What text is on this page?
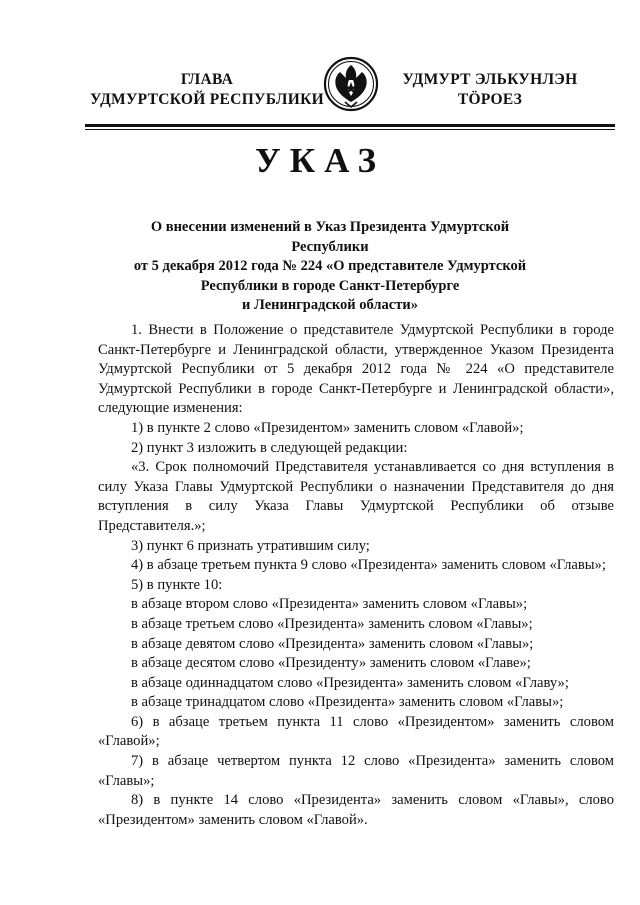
ГЛАВА
УДМУРТСКОЙ РЕСПУБЛИКИ
УДМУРТ ЭЛЬКУНЛЭН
ТӦРОЕЗ
УКАЗ
О внесении изменений в Указ Президента Удмуртской Республики
от 5 декабря 2012 года № 224 «О представителе Удмуртской
Республики в городе Санкт-Петербурге
и Ленинградской области»

1. Внести в Положение о представителе Удмуртской Республики в городе Санкт-Петербурге и Ленинградской области, утвержденное Указом Президента Удмуртской Республики от 5 декабря 2012 года № 224 «О представителе Удмуртской Республики в городе Санкт-Петербурге и Ленинградской области», следующие изменения:

1) в пункте 2 слово «Президентом» заменить словом «Главой»;

2) пункт 3 изложить в следующей редакции:

«3. Срок полномочий Представителя устанавливается со дня вступления в силу Указа Главы Удмуртской Республики о назначении Представителя до дня вступления в силу Указа Главы Удмуртской Республики об отзыве Представителя.»;

3) пункт 6 признать утратившим силу;

4) в абзаце третьем пункта 9 слово «Президента» заменить словом «Главы»;

5) в пункте 10:

в абзаце втором слово «Президента» заменить словом «Главы»;

в абзаце третьем слово «Президента» заменить словом «Главы»;

в абзаце девятом слово «Президента» заменить словом «Главы»;

в абзаце десятом слово «Президенту» заменить словом «Главе»;

в абзаце одиннадцатом слово «Президента» заменить словом «Главу»;

в абзаце тринадцатом слово «Президента» заменить словом «Главы»;

6) в абзаце третьем пункта 11 слово «Президентом» заменить словом «Главой»;

7) в абзаце четвертом пункта 12 слово «Президента» заменить словом «Главы»;

8) в пункте 14 слово «Президента» заменить словом «Главы», слово «Президентом» заменить словом «Главой».
